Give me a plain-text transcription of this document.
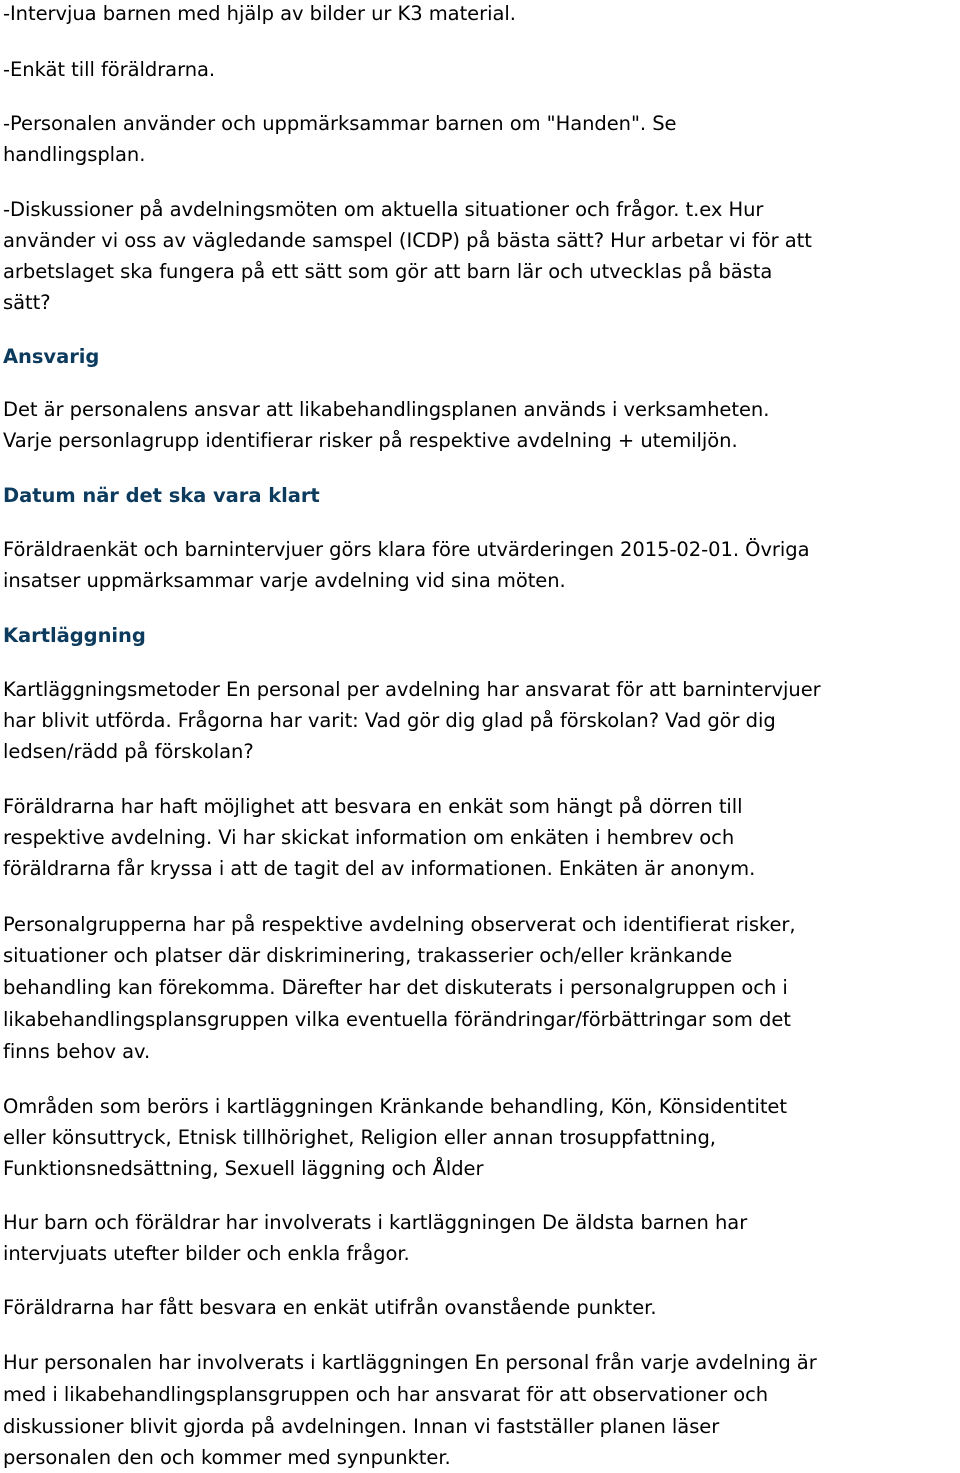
-Intervjua barnen med hjälp av bilder ur K3 material.
-Enkät till föräldrarna.
-Personalen använder och uppmärksammar barnen om "Handen". Se
handlingsplan.
-Diskussioner på avdelningsmöten om aktuella situationer och frågor. t.ex Hur
använder vi oss av vägledande samspel (ICDP) på bästa sätt? Hur arbetar vi för att
arbetslaget ska fungera på ett sätt som gör att barn lär och utvecklas på bästa
sätt?
Ansvarig
Det är personalens ansvar att likabehandlingsplanen används i verksamheten.
Varje personlagrupp identifierar risker på respektive avdelning + utemiljön.
Datum när det ska vara klart
Föräldraenkät och barnintervjuer görs klara före utvärderingen 2015-02-01. Övriga
insatser uppmärksammar varje avdelning vid sina möten.
Kartläggning
Kartläggningsmetoder En personal per avdelning har ansvarat för att barnintervjuer
har blivit utförda. Frågorna har varit: Vad gör dig glad på förskolan? Vad gör dig
ledsen/rädd på förskolan?
Föräldrarna har haft möjlighet att besvara en enkät som hängt på dörren till
respektive avdelning. Vi har skickat information om enkäten i hembrev och
föräldrarna får kryssa i att de tagit del av informationen. Enkäten är anonym.
Personalgrupperna har på respektive avdelning observerat och identifierat risker,
situationer och platser där diskriminering, trakasserier och/eller kränkande
behandling kan förekomma. Därefter har det diskuterats i personalgruppen och i
likabehandlingsplansgruppen vilka eventuella förändringar/förbättringar som det
finns behov av.
Områden som berörs i kartläggningen Kränkande behandling, Kön, Könsidentitet
eller könsuttryck, Etnisk tillhörighet, Religion eller annan trosuppfattning,
Funktionsnedsättning, Sexuell läggning och Ålder
Hur barn och föräldrar har involverats i kartläggningen De äldsta barnen har
intervjuats utefter bilder och enkla frågor.
Föräldrarna har fått besvara en enkät utifrån ovanstående punkter.
Hur personalen har involverats i kartläggningen En personal från varje avdelning är
med i likabehandlingsplansgruppen och har ansvarat för att observationer och
diskussioner blivit gjorda på avdelningen. Innan vi fastställer planen läser
personalen den och kommer med synpunkter.
